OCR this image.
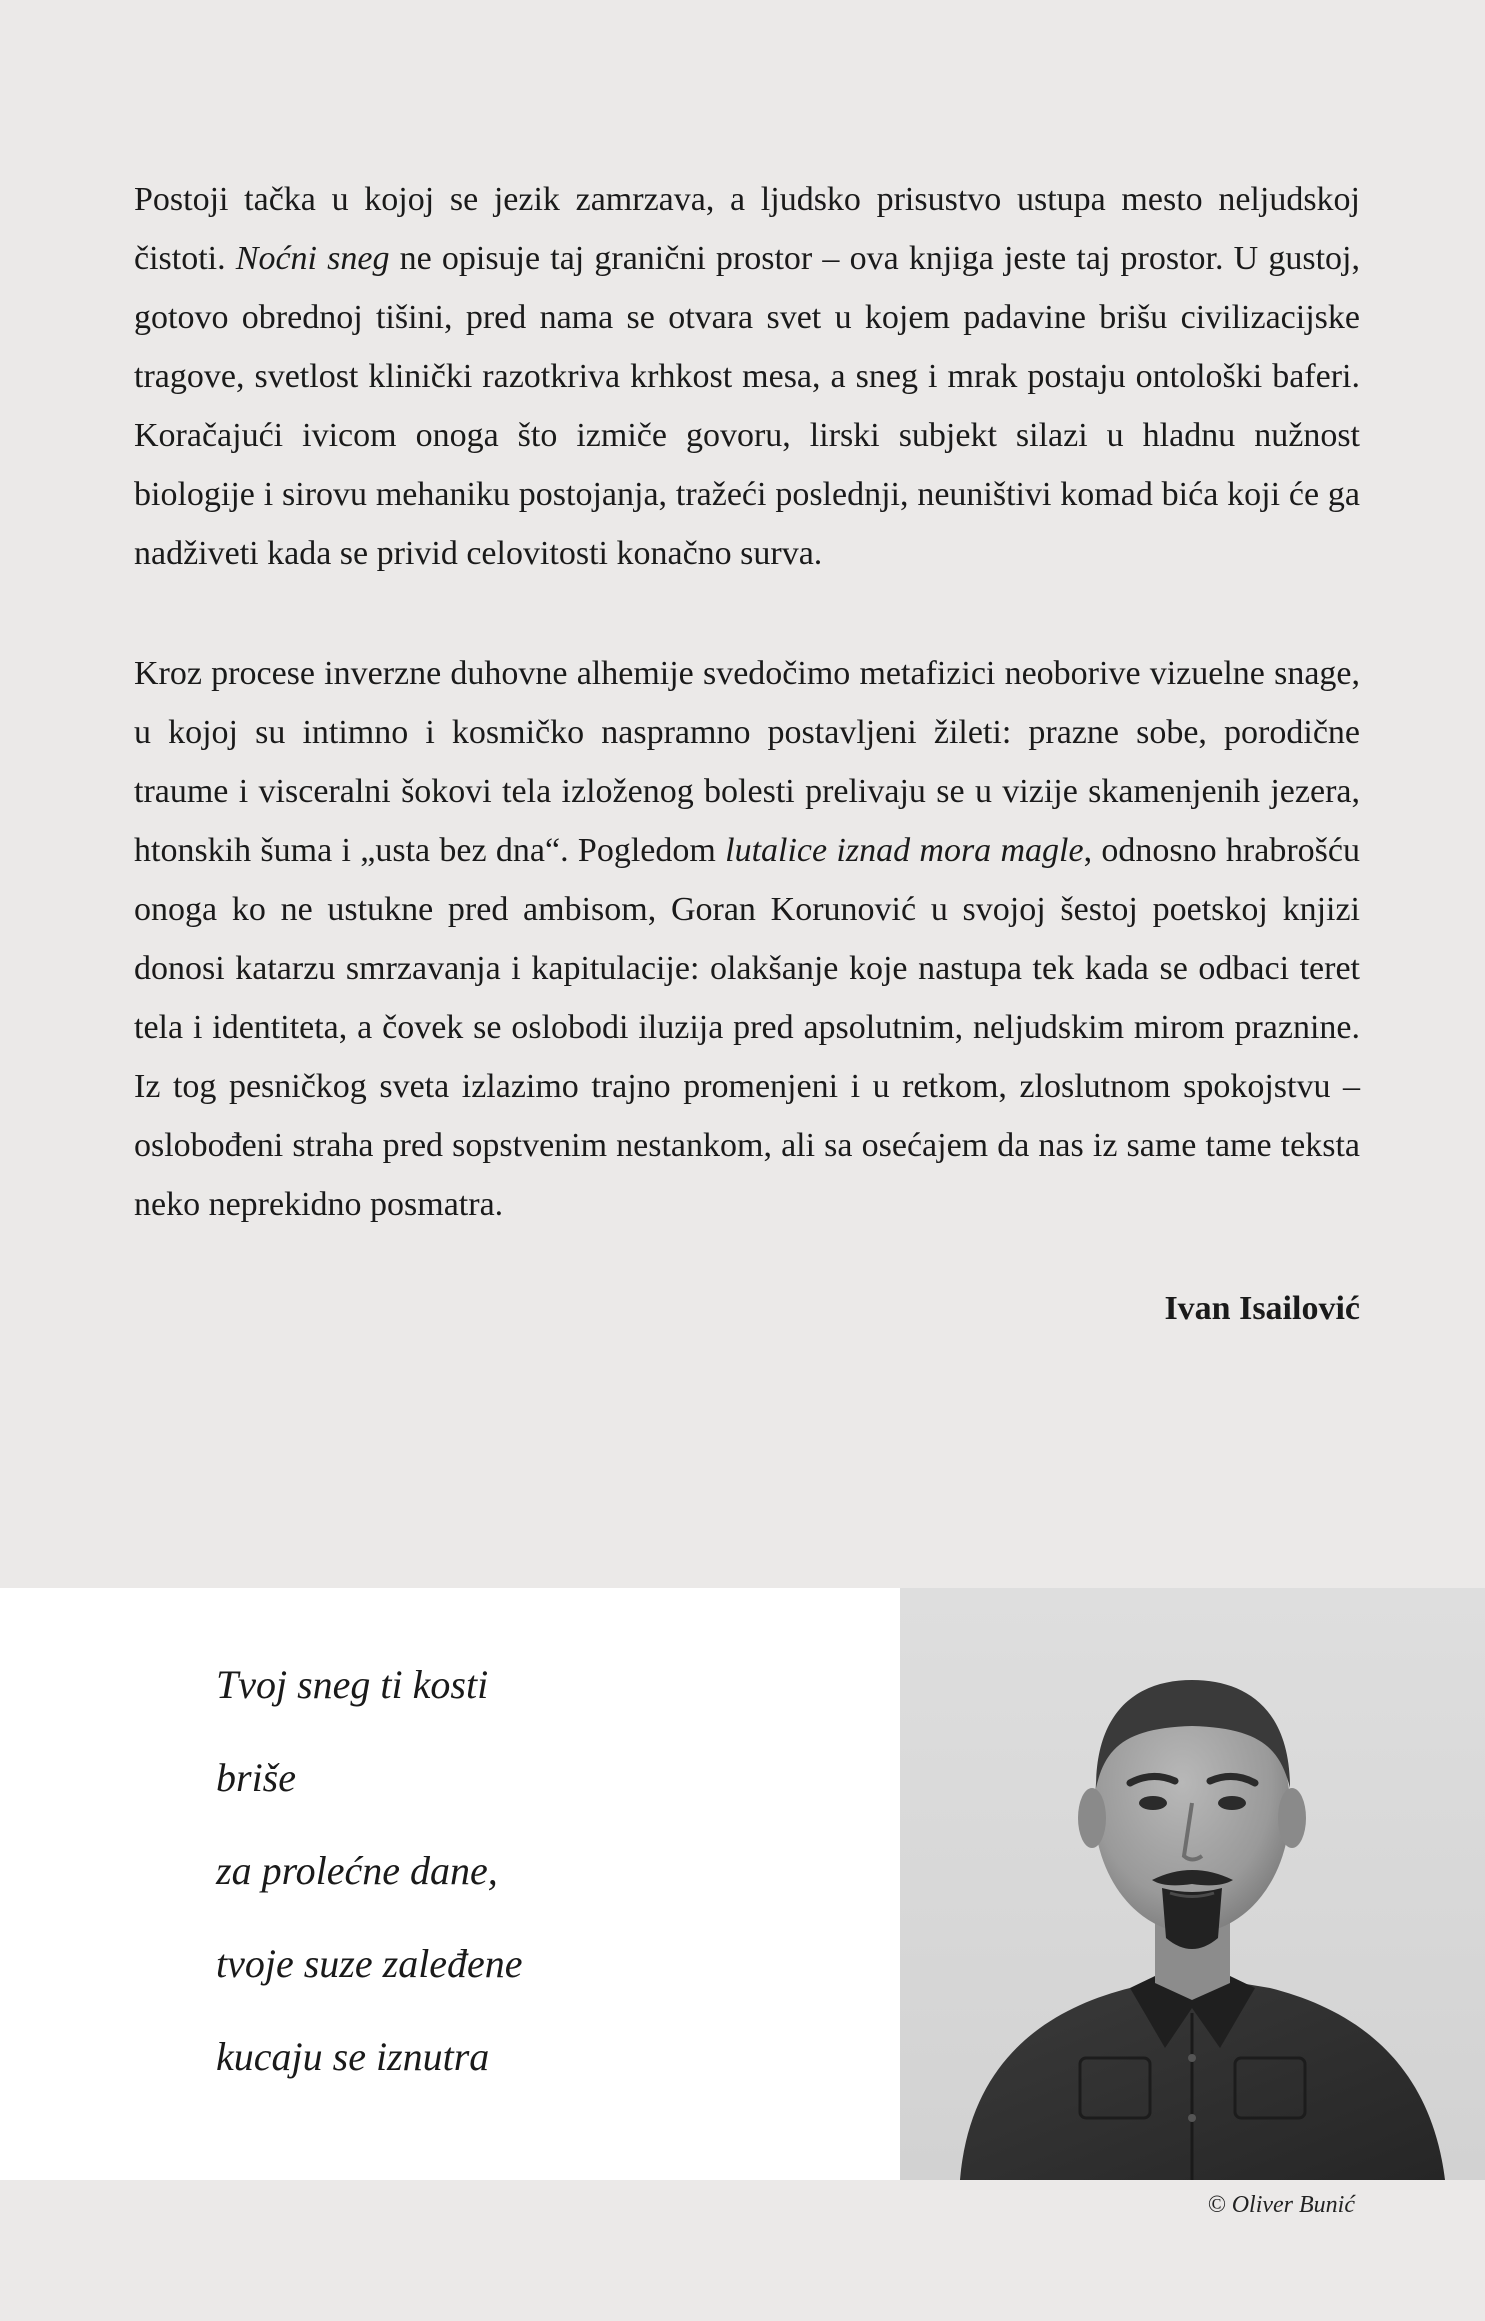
Postoji tačka u kojoj se jezik zamrzava, a ljudsko prisustvo ustupa mesto neljudskoj čistoti. Noćni sneg ne opisuje taj granični prostor – ova knjiga jeste taj prostor. U gustoj, gotovo obrednoj tišini, pred nama se otvara svet u kojem padavine brišu civilizacijske tragove, svetlost klinički razotkriva krhkost mesa, a sneg i mrak postaju ontološki baferi. Koračajući ivicom onoga što izmiče govoru, lirski subjekt silazi u hladnu nužnost biologije i sirovu mehaniku postojanja, tražeći poslednji, neuništivi komad bića koji će ga nadživeti kada se privid celovitosti konačno surva.

Kroz procese inverzne duhovne alhemije svedočimo metafizici neoborive vizuelne snage, u kojoj su intimno i kosmičko naspramno postavljeni žileti: prazne sobe, porodične traume i visceralni šokovi tela izloženog bolesti prelivaju se u vizije skamenjenih jezera, htonskih šuma i „usta bez dna“. Pogledom lutalice iznad mora magle, odnosno hrabrošću onoga ko ne ustukne pred ambisom, Goran Korunović u svojoj šestoj poetskoj knjizi donosi katarzu smrzavanja i kapitulacije: olakšanje koje nastupa tek kada se odbaci teret tela i identiteta, a čovek se oslobodi iluzija pred apsolutnim, neljudskim mirom praznine. Iz tog pesničkog sveta izlazimo trajno promenjeni i u retkom, zloslutnom spokojstvu – oslobođeni straha pred sopstvenim nestankom, ali sa osećajem da nas iz same tame teksta neko neprekidno posmatra.

Ivan Isailović

Tvoj sneg ti kosti
briše
za prolećne dane,
tvoje suze zaleđene
kucaju se iznutra
© Oliver Bunić
